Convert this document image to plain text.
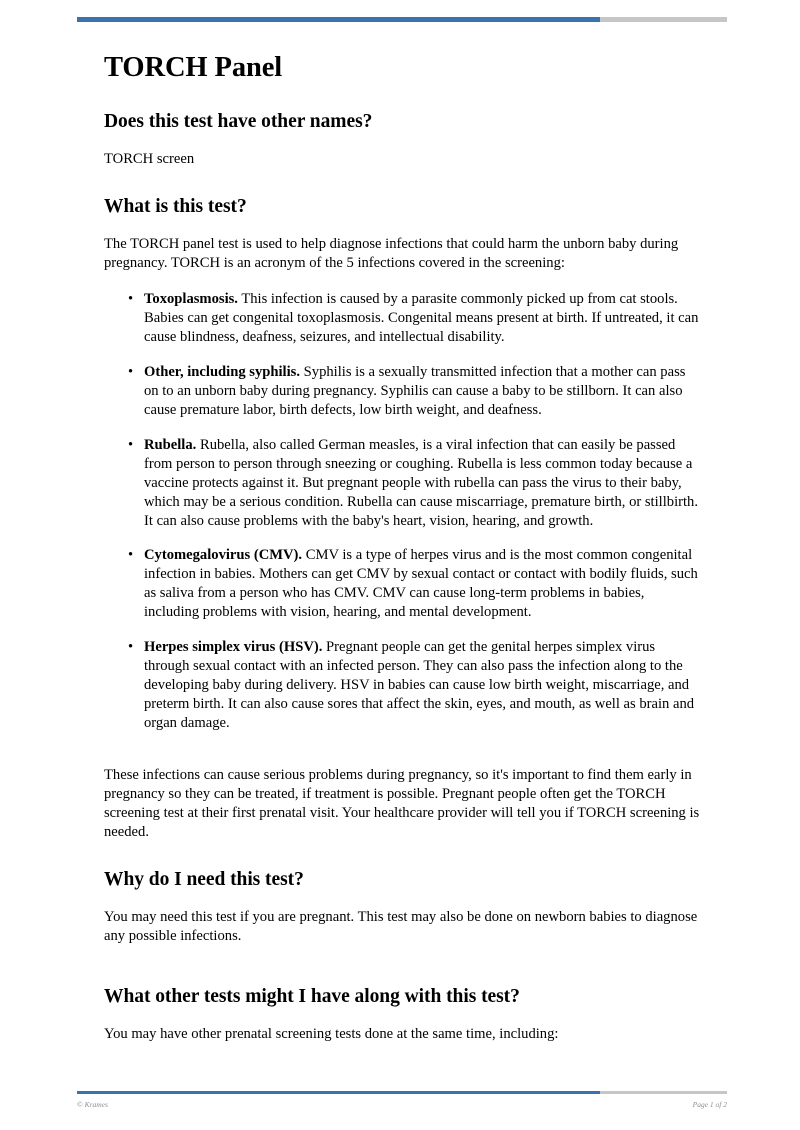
TORCH Panel
Does this test have other names?

TORCH screen

What is this test?

The TORCH panel test is used to help diagnose infections that could harm the unborn baby during pregnancy. TORCH is an acronym of the 5 infections covered in the screening:

• Toxoplasmosis. This infection is caused by a parasite commonly picked up from cat stools. Babies can get congenital toxoplasmosis. Congenital means present at birth. If untreated, it can cause blindness, deafness, seizures, and intellectual disability.
• Other, including syphilis. Syphilis is a sexually transmitted infection that a mother can pass on to an unborn baby during pregnancy. Syphilis can cause a baby to be stillborn. It can also cause premature labor, birth defects, low birth weight, and deafness.
• Rubella. Rubella, also called German measles, is a viral infection that can easily be passed from person to person through sneezing or coughing. Rubella is less common today because a vaccine protects against it. But pregnant people with rubella can pass the virus to their baby, which may be a serious condition. Rubella can cause miscarriage, premature birth, or stillbirth. It can also cause problems with the baby's heart, vision, hearing, and growth.
• Cytomegalovirus (CMV). CMV is a type of herpes virus and is the most common congenital infection in babies. Mothers can get CMV by sexual contact or contact with bodily fluids, such as saliva from a person who has CMV. CMV can cause long-term problems in babies, including problems with vision, hearing, and mental development.
• Herpes simplex virus (HSV). Pregnant people can get the genital herpes simplex virus through sexual contact with an infected person. They can also pass the infection along to the developing baby during delivery. HSV in babies can cause low birth weight, miscarriage, and preterm birth. It can also cause sores that affect the skin, eyes, and mouth, as well as brain and organ damage.

These infections can cause serious problems during pregnancy, so it's important to find them early in pregnancy so they can be treated, if treatment is possible. Pregnant people often get the TORCH screening test at their first prenatal visit. Your healthcare provider will tell you if TORCH screening is needed.

Why do I need this test?

You may need this test if you are pregnant. This test may also be done on newborn babies to diagnose any possible infections.

What other tests might I have along with this test?

You may have other prenatal screening tests done at the same time, including:

© Krames	Page 1 of 2
